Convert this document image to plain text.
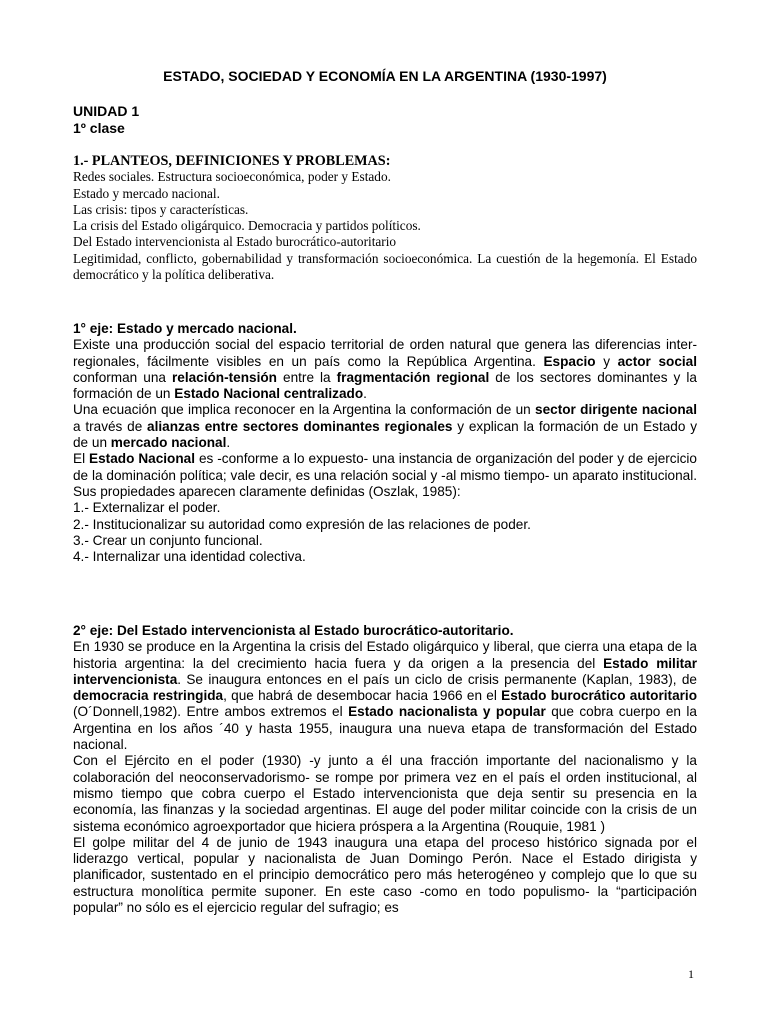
ESTADO, SOCIEDAD Y ECONOMÍA EN LA ARGENTINA (1930-1997)
UNIDAD 1
1º clase
1.- PLANTEOS, DEFINICIONES Y PROBLEMAS:
Redes sociales. Estructura socioeconómica, poder y Estado.
Estado y mercado nacional.
Las crisis: tipos y características.
La crisis del Estado oligárquico. Democracia y partidos políticos.
Del Estado intervencionista al Estado burocrático-autoritario
Legitimidad, conflicto, gobernabilidad y transformación socioeconómica. La cuestión de la hegemonía. El Estado democrático y la política deliberativa.
1° eje: Estado y mercado nacional.
Existe una producción social del espacio territorial de orden natural que genera las diferencias inter-regionales, fácilmente visibles en un país como la República Argentina. Espacio y actor social conforman una relación-tensión entre la fragmentación regional de los sectores dominantes y la formación de un Estado Nacional centralizado.
Una ecuación que implica reconocer en la Argentina la conformación de un sector dirigente nacional a través de alianzas entre sectores dominantes regionales y explican la formación de un Estado y de un mercado nacional.
El Estado Nacional es -conforme a lo expuesto- una instancia de organización del poder y de ejercicio de la dominación política; vale decir, es una relación social y -al mismo tiempo- un aparato institucional. Sus propiedades aparecen claramente definidas (Oszlak, 1985):
1.- Externalizar el poder.
2.- Institucionalizar su autoridad como expresión de las relaciones de poder.
3.- Crear un conjunto funcional.
4.- Internalizar una identidad colectiva.
2° eje: Del Estado intervencionista al Estado burocrático-autoritario.
En 1930 se produce en la Argentina la crisis del Estado oligárquico y liberal, que cierra una etapa de la historia argentina: la del crecimiento hacia fuera y da origen a la presencia del Estado militar intervencionista. Se inaugura entonces en el país un ciclo de crisis permanente (Kaplan, 1983), de democracia restringida, que habrá de desembocar hacia 1966 en el Estado burocrático autoritario (O´Donnell,1982). Entre ambos extremos el Estado nacionalista y popular que cobra cuerpo en la Argentina en los años ´40 y hasta 1955, inaugura una nueva etapa de transformación del Estado nacional.
Con el Ejército en el poder (1930) -y junto a él una fracción importante del nacionalismo y la colaboración del neoconservadorismo- se rompe por primera vez en el país el orden institucional, al mismo tiempo que cobra cuerpo el Estado intervencionista que deja sentir su presencia en la economía, las finanzas y la sociedad argentinas. El auge del poder militar coincide con la crisis de un sistema económico agroexportador que hiciera próspera a la Argentina (Rouquie, 1981 )
El golpe militar del 4 de junio de 1943 inaugura una etapa del proceso histórico signada por el liderazgo vertical, popular y nacionalista de Juan Domingo Perón. Nace el Estado dirigista y planificador, sustentado en el principio democrático pero más heterogéneo y complejo que lo que su estructura monolítica permite suponer. En este caso -como en todo populismo- la “participación popular” no sólo es el ejercicio regular del sufragio; es
1
